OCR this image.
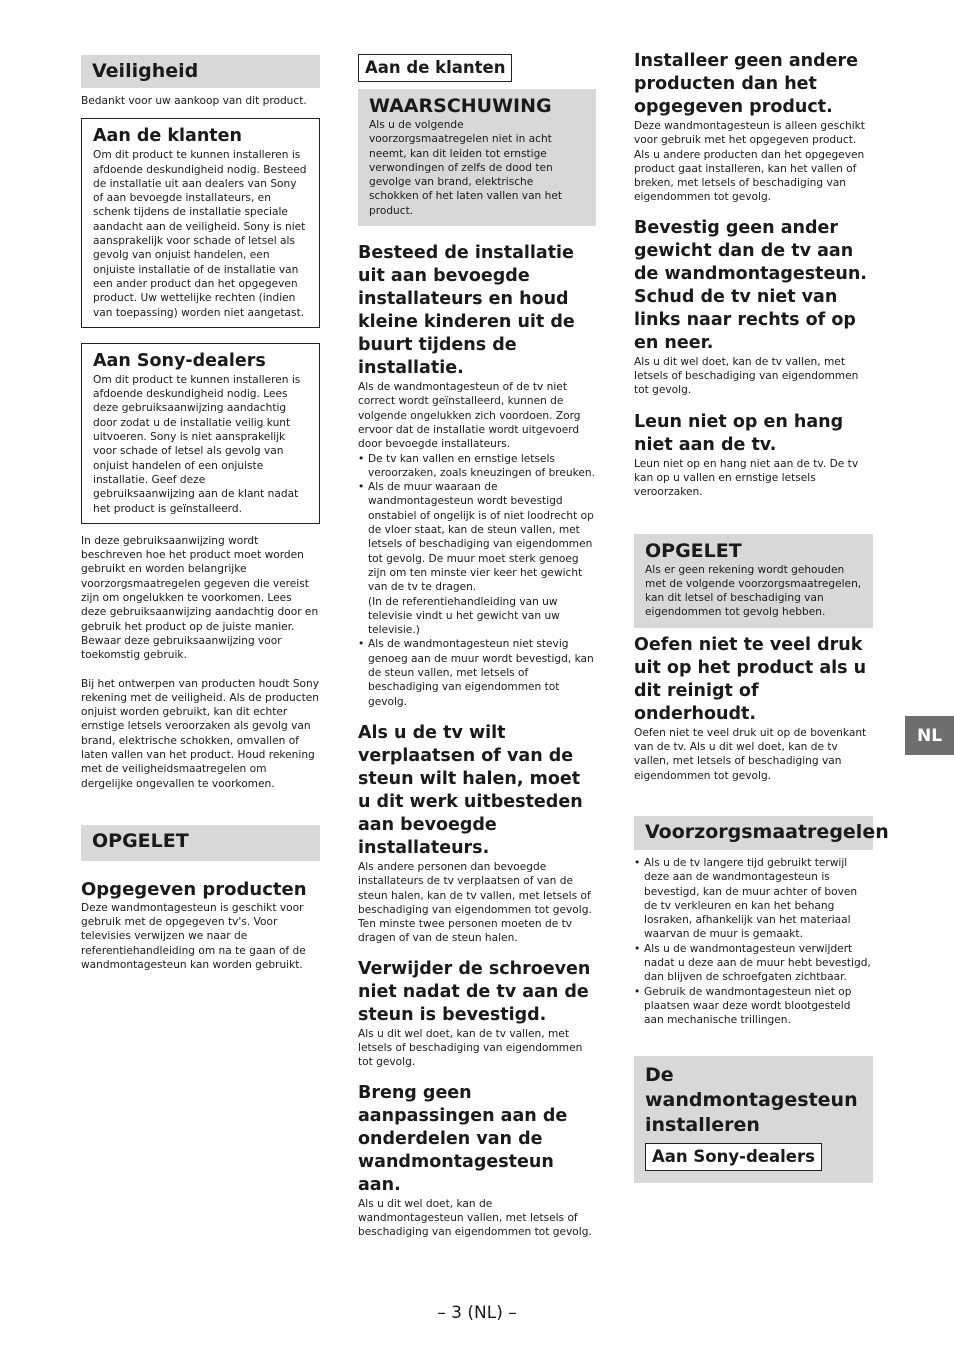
Veiligheid
Bedankt voor uw aankoop van dit product.
Aan de klanten
Om dit product te kunnen installeren is afdoende deskundigheid nodig. Besteed de installatie uit aan dealers van Sony of aan bevoegde installateurs, en schenk tijdens de installatie speciale aandacht aan de veiligheid. Sony is niet aansprakelijk voor schade of letsel als gevolg van onjuist handelen, een onjuiste installatie of de installatie van een ander product dan het opgegeven product. Uw wettelijke rechten (indien van toepassing) worden niet aangetast.
Aan Sony-dealers
Om dit product te kunnen installeren is afdoende deskundigheid nodig. Lees deze gebruiksaanwijzing aandachtig door zodat u de installatie veilig kunt uitvoeren. Sony is niet aansprakelijk voor schade of letsel als gevolg van onjuist handelen of een onjuiste installatie. Geef deze gebruiksaanwijzing aan de klant nadat het product is geïnstalleerd.
In deze gebruiksaanwijzing wordt beschreven hoe het product moet worden gebruikt en worden belangrijke voorzorgsmaatregelen gegeven die vereist zijn om ongelukken te voorkomen. Lees deze gebruiksaanwijzing aandachtig door en gebruik het product op de juiste manier. Bewaar deze gebruiksaanwijzing voor toekomstig gebruik.
Bij het ontwerpen van producten houdt Sony rekening met de veiligheid. Als de producten onjuist worden gebruikt, kan dit echter ernstige letsels veroorzaken als gevolg van brand, elektrische schokken, omvallen of laten vallen van het product. Houd rekening met de veiligheidsmaatregelen om dergelijke ongevallen te voorkomen.
OPGELET
Opgegeven producten
Deze wandmontagesteun is geschikt voor gebruik met de opgegeven tv's. Voor televisies verwijzen we naar de referentiehandleiding om na te gaan of de wandmontagesteun kan worden gebruikt.
Aan de klanten
WAARSCHUWING
Als u de volgende voorzorgsmaatregelen niet in acht neemt, kan dit leiden tot ernstige verwondingen of zelfs de dood ten gevolge van brand, elektrische schokken of het laten vallen van het product.
Besteed de installatie uit aan bevoegde installateurs en houd kleine kinderen uit de buurt tijdens de installatie.
Als de wandmontagesteun of de tv niet correct wordt geïnstalleerd, kunnen de volgende ongelukken zich voordoen. Zorg ervoor dat de installatie wordt uitgevoerd door bevoegde installateurs.
• De tv kan vallen en ernstige letsels veroorzaken, zoals kneuzingen of breuken.
• Als de muur waaraan de wandmontagesteun wordt bevestigd onstabiel of ongelijk is of niet loodrecht op de vloer staat, kan de steun vallen, met letsels of beschadiging van eigendommen tot gevolg. De muur moet sterk genoeg zijn om ten minste vier keer het gewicht van de tv te dragen.
(In de referentiehandleiding van uw televisie vindt u het gewicht van uw televisie.)
• Als de wandmontagesteun niet stevig genoeg aan de muur wordt bevestigd, kan de steun vallen, met letsels of beschadiging van eigendommen tot gevolg.
Als u de tv wilt verplaatsen of van de steun wilt halen, moet u dit werk uitbesteden aan bevoegde installateurs.
Als andere personen dan bevoegde installateurs de tv verplaatsen of van de steun halen, kan de tv vallen, met letsels of beschadiging van eigendommen tot gevolg. Ten minste twee personen moeten de tv dragen of van de steun halen.
Verwijder de schroeven niet nadat de tv aan de steun is bevestigd.
Als u dit wel doet, kan de tv vallen, met letsels of beschadiging van eigendommen tot gevolg.
Breng geen aanpassingen aan de onderdelen van de wandmontagesteun aan.
Als u dit wel doet, kan de wandmontagesteun vallen, met letsels of beschadiging van eigendommen tot gevolg.
Installeer geen andere producten dan het opgegeven product.
Deze wandmontagesteun is alleen geschikt voor gebruik met het opgegeven product. Als u andere producten dan het opgegeven product gaat installeren, kan het vallen of breken, met letsels of beschadiging van eigendommen tot gevolg.
Bevestig geen ander gewicht dan de tv aan de wandmontagesteun. Schud de tv niet van links naar rechts of op en neer.
Als u dit wel doet, kan de tv vallen, met letsels of beschadiging van eigendommen tot gevolg.
Leun niet op en hang niet aan de tv.
Leun niet op en hang niet aan de tv. De tv kan op u vallen en ernstige letsels veroorzaken.
OPGELET
Als er geen rekening wordt gehouden met de volgende voorzorgsmaatregelen, kan dit letsel of beschadiging van eigendommen tot gevolg hebben.
Oefen niet te veel druk uit op het product als u dit reinigt of onderhoudt.
Oefen niet te veel druk uit op de bovenkant van de tv. Als u dit wel doet, kan de tv vallen, met letsels of beschadiging van eigendommen tot gevolg.
Voorzorgsmaatregelen
• Als u de tv langere tijd gebruikt terwijl deze aan de wandmontagesteun is bevestigd, kan de muur achter of boven de tv verkleuren en kan het behang losraken, afhankelijk van het materiaal waarvan de muur is gemaakt.
• Als u de wandmontagesteun verwijdert nadat u deze aan de muur hebt bevestigd, dan blijven de schroefgaten zichtbaar.
• Gebruik de wandmontagesteun niet op plaatsen waar deze wordt blootgesteld aan mechanische trillingen.
De wandmontagesteun installeren
Aan Sony-dealers
NL
– 3 (NL) –
